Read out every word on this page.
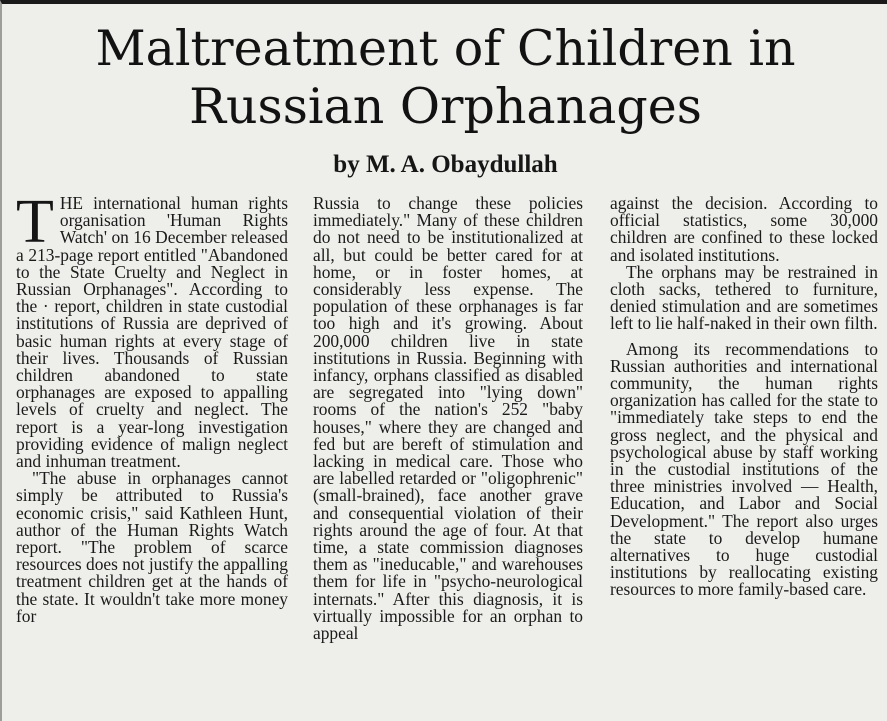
Maltreatment of Children in
Russian Orphanages
by M. A. Obaydullah

THE international human rights organisation 'Human Rights Watch' on 16 December released a 213-page report entitled "Abandoned to the State Cruelty and Neglect in Russian Orphanages". According to the · report, children in state custodial institutions of Russia are deprived of basic human rights at every stage of their lives. Thousands of Russian children abandoned to state orphanages are exposed to appalling levels of cruelty and neglect. The report is a year-long investigation providing evidence of malign neglect and inhuman treatment.

"The abuse in orphanages cannot simply be attributed to Russia's economic crisis," said Kathleen Hunt, author of the Human Rights Watch report. "The problem of scarce resources does not justify the appalling treatment children get at the hands of the state. It wouldn't take more money for

Russia to change these policies immediately." Many of these children do not need to be institutionalized at all, but could be better cared for at home, or in foster homes, at considerably less expense. The population of these orphanages is far too high and it's growing. About 200,000 children live in state institutions in Russia. Beginning with infancy, orphans classified as disabled are segregated into "lying down" rooms of the nation's 252 "baby houses," where they are changed and fed but are bereft of stimulation and lacking in medical care. Those who are labelled retarded or "oligophrenic" (small-brained), face another grave and consequential violation of their rights around the age of four. At that time, a state commission diagnoses them as "ineducable," and warehouses them for life in "psycho-neurological internats." After this diagnosis, it is virtually impossible for an orphan to appeal

against the decision. According to official statistics, some 30,000 children are confined to these locked and isolated institutions.

The orphans may be restrained in cloth sacks, tethered to furniture, denied stimulation and are sometimes left to lie half-naked in their own filth.

Among its recommendations to Russian authorities and international community, the human rights organization has called for the state to "immediately take steps to end the gross neglect, and the physical and psychological abuse by staff working in the custodial institutions of the three ministries involved — Health, Education, and Labor and Social Development." The report also urges the state to develop humane alternatives to huge custodial institutions by reallocating existing resources to more family-based care.
